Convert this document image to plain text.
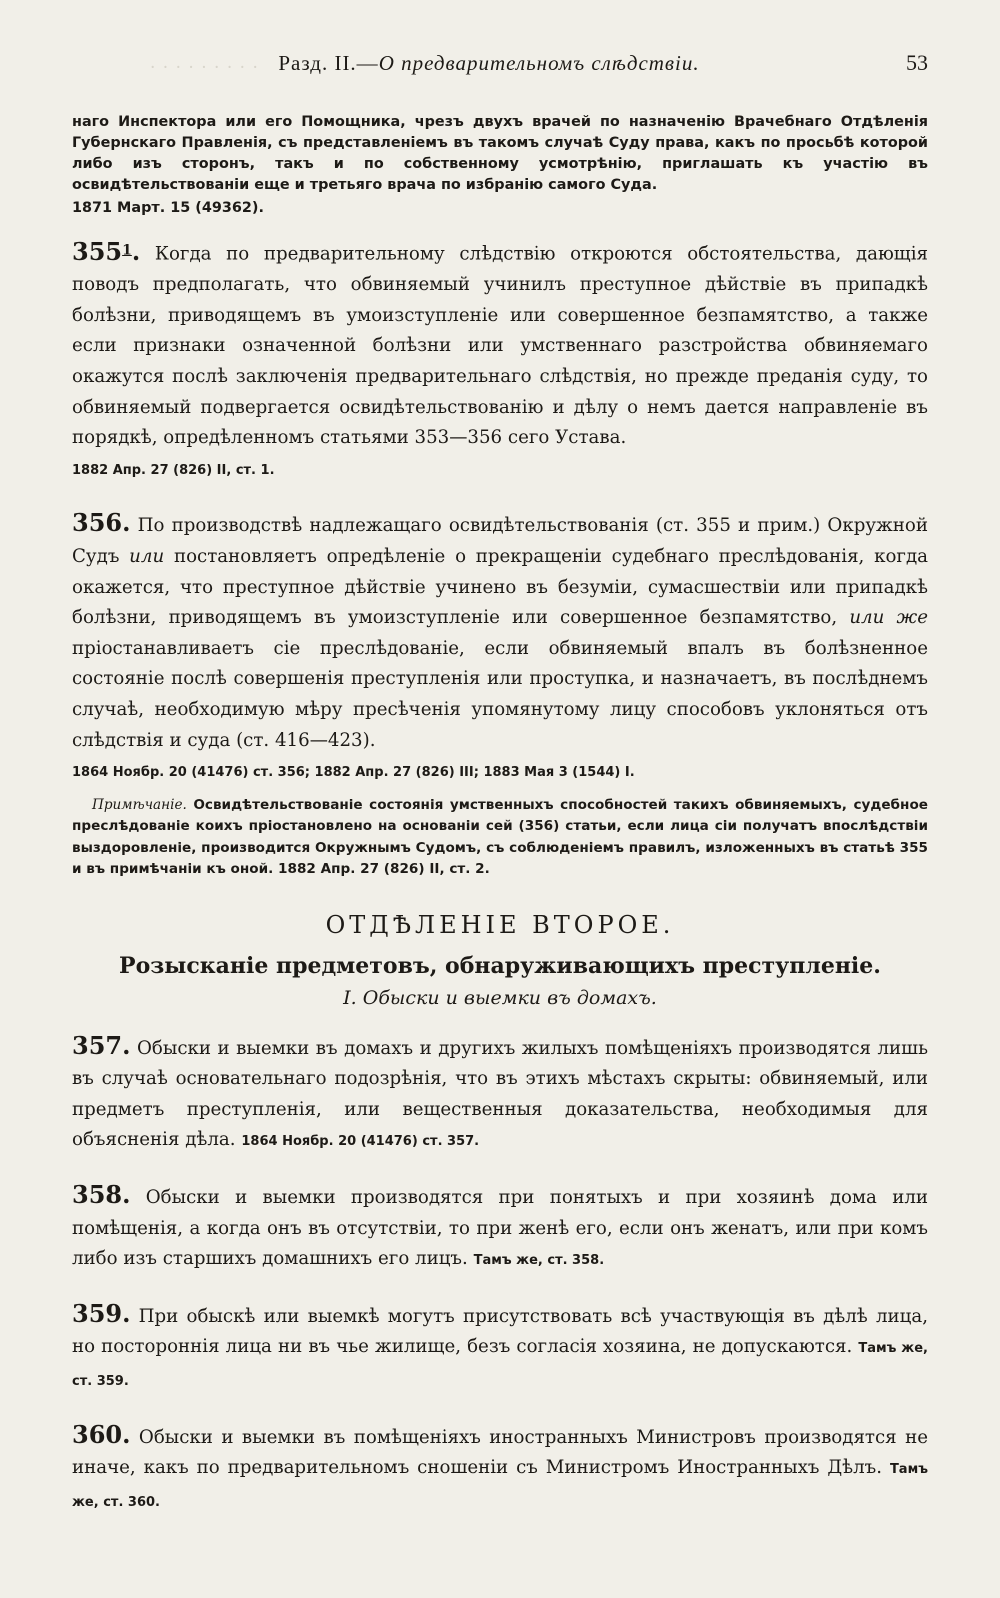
· · · · · · · · · Разд. II.—О предварительномъ слѣдствіи.	53

наго Инспектора или его Помощника, чрезъ двухъ врачей по назначенію Врачебнаго Отдѣленія Губернскаго Правленія, съ представленіемъ въ такомъ случаѣ Суду права, какъ по просьбѣ которой либо изъ сторонъ, такъ и по собственному усмотрѣнію, приглашать къ участію въ освидѣтельствованіи еще и третьяго врача по избранію самого Суда.
1871 Март. 15 (49362).

$355^1$. Когда по предварительному слѣдствію откроются обстоятельства, дающія поводъ предполагать, что обвиняемый учинилъ преступное дѣйствіе въ припадкѣ болѣзни, приводящемъ въ умоизступленіе или совершенное безпамятство, а также если признаки означенной болѣзни или умственнаго разстройства обвиняемаго окажутся послѣ заключенія предварительнаго слѣдствія, но прежде преданія суду, то обвиняемый подвергается освидѣтельствованію и дѣлу о немъ дается направленіе въ порядкѣ, опредѣленномъ статьями 353—356 сего Устава.
1882 Апр. 27 (826) II, ст. 1.

356. По производствѣ надлежащаго освидѣтельствованія (ст. 355 и прим.) Окружной Судъ или постановляетъ опредѣленіе о прекращеніи судебнаго преслѣдованія, когда окажется, что преступное дѣйствіе учинено въ безуміи, сумасшествіи или припадкѣ болѣзни, приводящемъ въ умоизступленіе или совершенное безпамятство, или же пріостанавливаетъ сіе преслѣдованіе, если обвиняемый впалъ въ болѣзненное состояніе послѣ совершенія преступленія или проступка, и назначаетъ, въ послѣднемъ случаѣ, необходимую мѣру пресѣченія упомянутому лицу способовъ уклоняться отъ слѣдствія и суда (ст. 416—423).
1864 Ноябр. 20 (41476) ст. 356; 1882 Апр. 27 (826) III; 1883 Мая 3 (1544) I.

Примѣчаніе. Освидѣтельствованіе состоянія умственныхъ способностей такихъ обвиняемыхъ, судебное преслѣдованіе коихъ пріостановлено на основаніи сей (356) статьи, если лица сіи получатъ впослѣдствіи выздоровленіе, производится Окружнымъ Судомъ, съ соблюденіемъ правилъ, изложенныхъ въ статьѣ 355 и въ примѣчаніи къ оной. 1882 Апр. 27 (826) II, ст. 2.

ОТДѢЛЕНІЕ ВТОРОЕ.

Розысканіе предметовъ, обнаруживающихъ преступленіе.

I. Обыски и выемки въ домахъ.

357. Обыски и выемки въ домахъ и другихъ жилыхъ помѣщеніяхъ производятся лишь въ случаѣ основательнаго подозрѣнія, что въ этихъ мѣстахъ скрыты: обвиняемый, или предметъ преступленія, или вещественныя доказательства, необходимыя для объясненія дѣла. 1864 Ноябр. 20 (41476) ст. 357.

358. Обыски и выемки производятся при понятыхъ и при хозяинѣ дома или помѣщенія, а когда онъ въ отсутствіи, то при женѣ его, если онъ женатъ, или при комъ либо изъ старшихъ домашнихъ его лицъ. Тамъ же, ст. 358.

359. При обыскѣ или выемкѣ могутъ присутствовать всѣ участвующія въ дѣлѣ лица, но постороннія лица ни въ чье жилище, безъ согласія хозяина, не допускаются. Тамъ же, ст. 359.

360. Обыски и выемки въ помѣщеніяхъ иностранныхъ Министровъ производятся не иначе, какъ по предварительномъ сношеніи съ Министромъ Иностранныхъ Дѣлъ. Тамъ же, ст. 360.
